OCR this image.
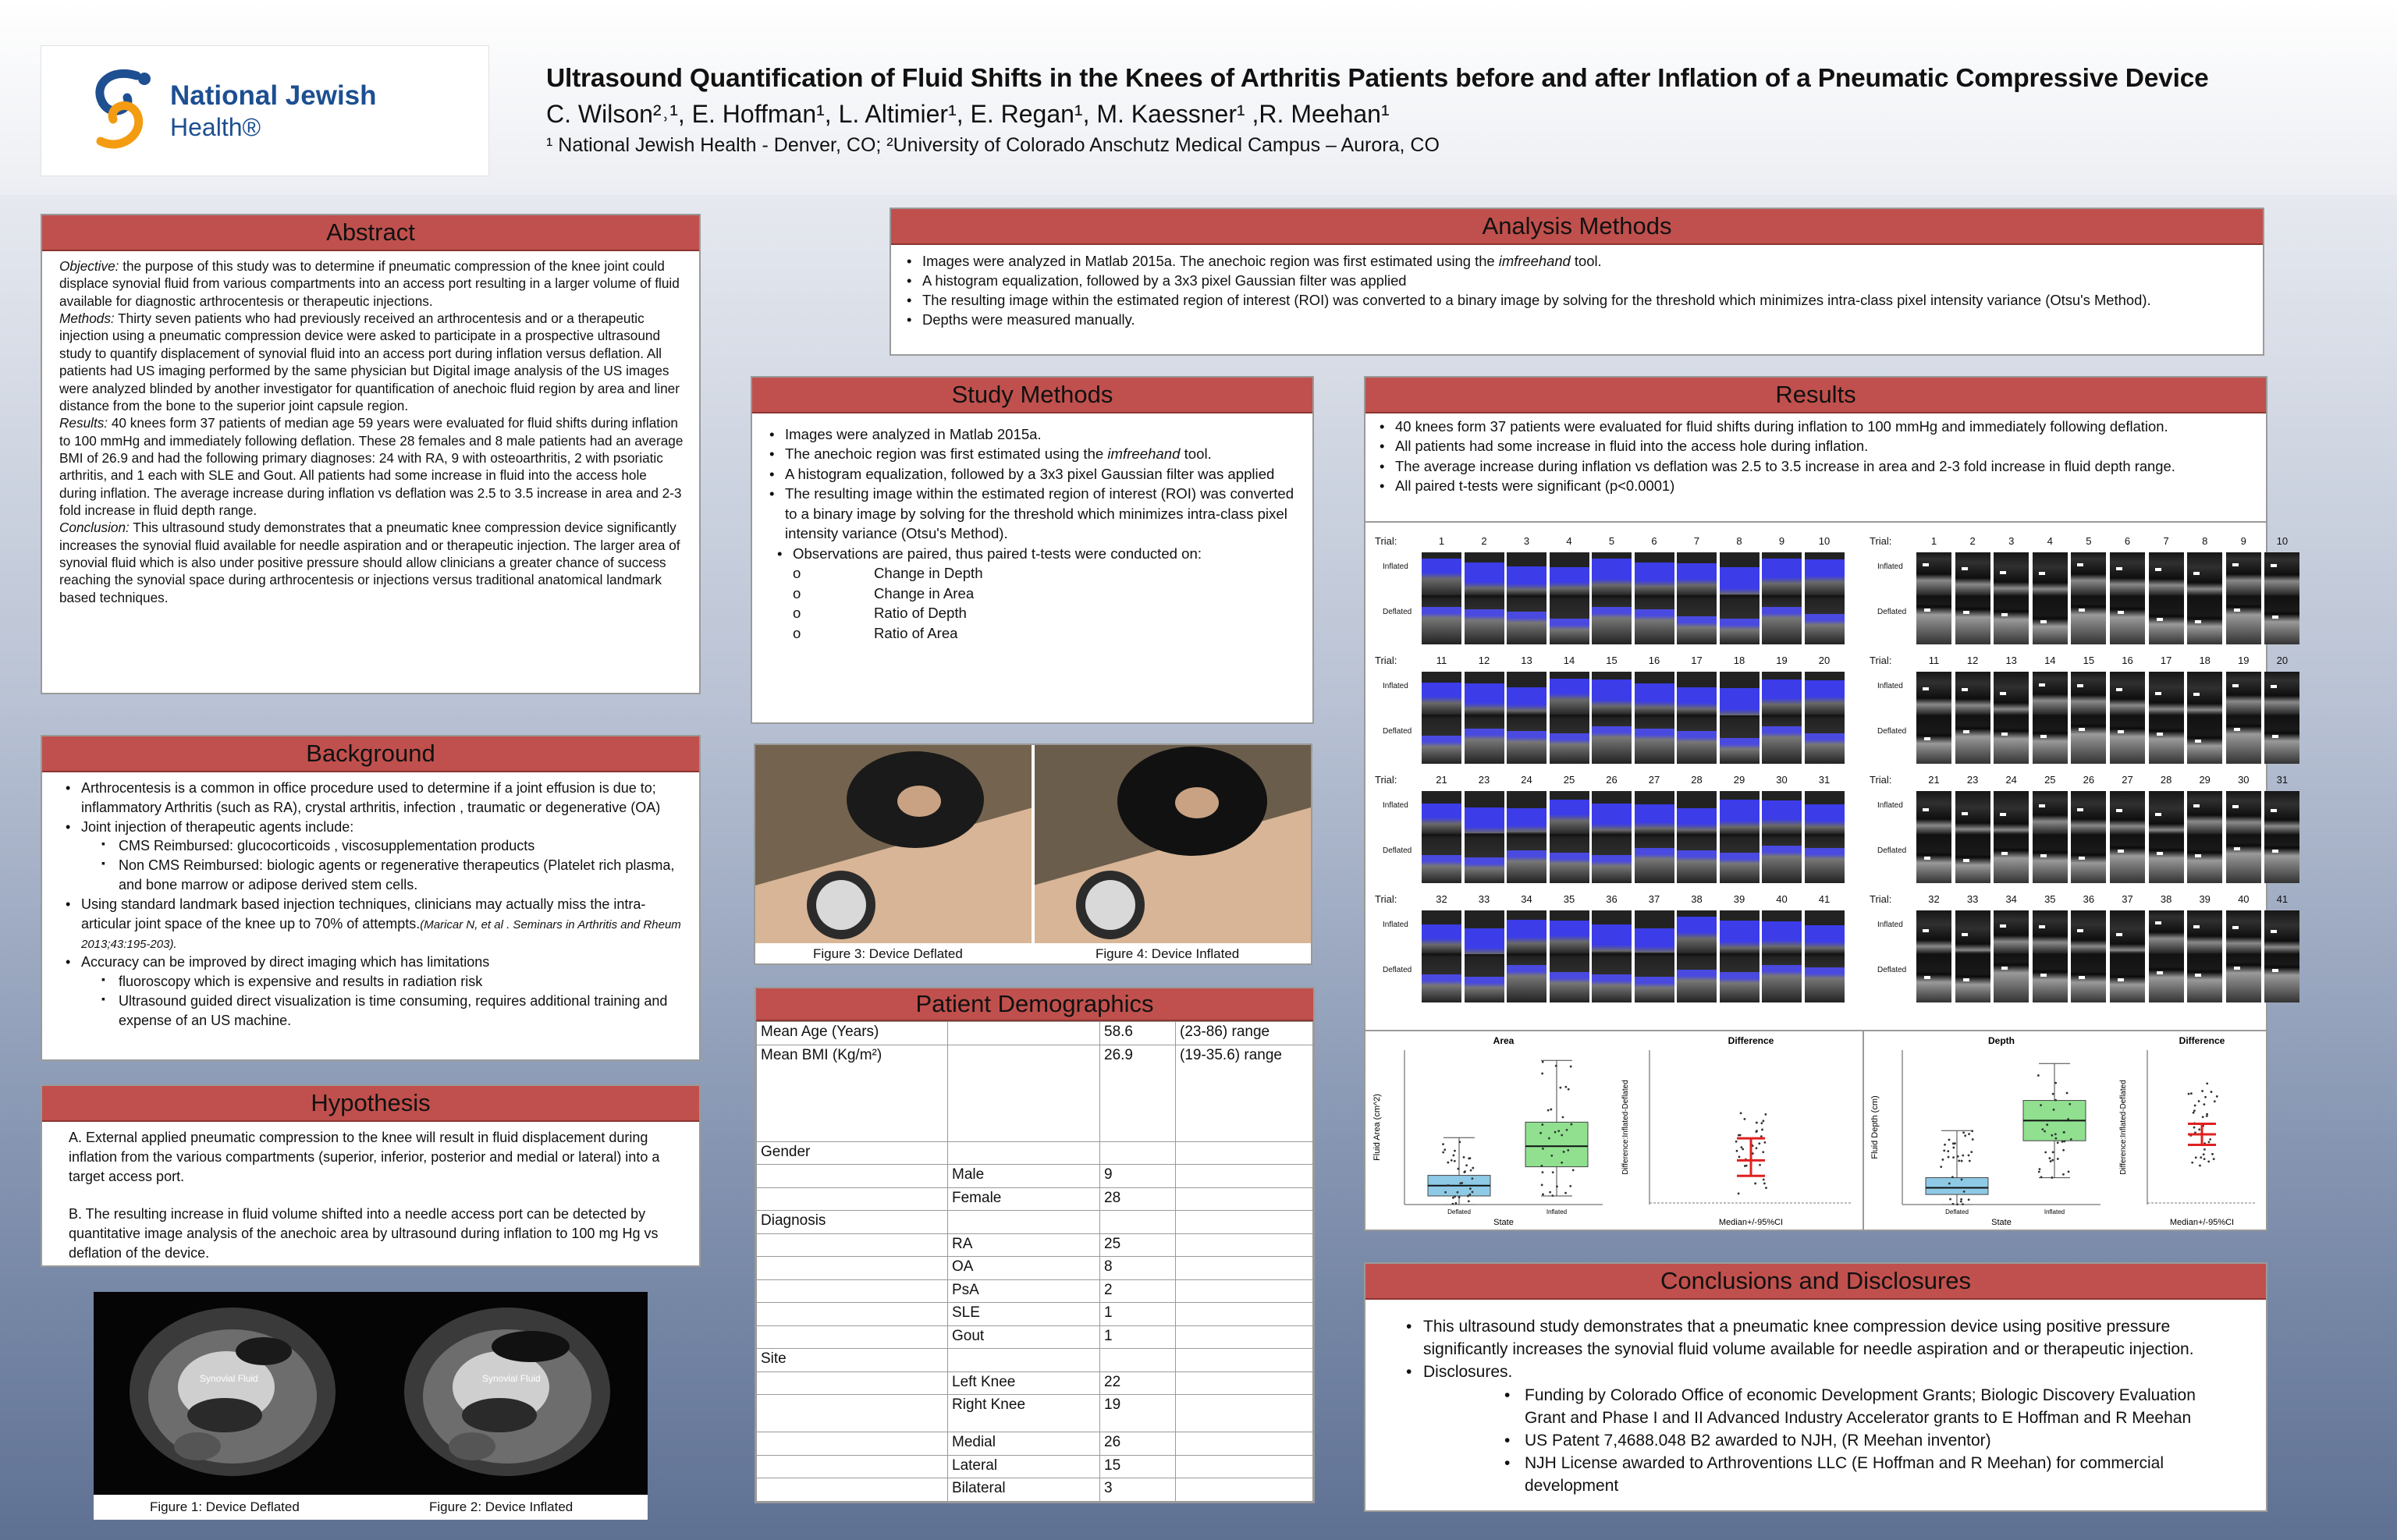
National Jewish
Health®
Ultrasound Quantification of Fluid Shifts in the Knees of Arthritis Patients before and after Inflation of a Pneumatic Compressive Device
C. Wilson²˒¹, E. Hoffman¹, L. Altimier¹, E. Regan¹, M. Kaessner¹ ,R. Meehan¹
¹ National Jewish Health - Denver, CO; ²University of Colorado Anschutz Medical Campus – Aurora, CO
Abstract

Objective: the purpose of this study was to determine if pneumatic compression of the knee joint could displace synovial fluid from various compartments into an access port resulting in a larger volume of fluid available for diagnostic arthrocentesis or therapeutic injections.

Methods: Thirty seven patients who had previously received an arthrocentesis and or a therapeutic injection using a pneumatic compression device were asked to participate in a prospective ultrasound study to quantify displacement of synovial fluid into an access port during inflation versus deflation. All patients had US imaging performed by the same physician but Digital image analysis of the US images were analyzed blinded by another investigator for quantification of anechoic fluid region by area and liner distance from the bone to the superior joint capsule region.

Results: 40 knees form 37 patients of median age 59 years were evaluated for fluid shifts during inflation to 100 mmHg and immediately following deflation. These 28 females and 8 male patients had an average BMI of 26.9 and had the following primary diagnoses: 24 with RA, 9 with osteoarthritis, 2 with psoriatic arthritis, and 1 each with SLE and Gout. All patients had some increase in fluid into the access hole during inflation. The average increase during inflation vs deflation was 2.5 to 3.5 increase in area and 2-3 fold increase in fluid depth range.

Conclusion: This ultrasound study demonstrates that a pneumatic knee compression device significantly increases the synovial fluid available for needle aspiration and or therapeutic injection. The larger area of synovial fluid which is also under positive pressure should allow clinicians a greater chance of success reaching the synovial space during arthrocentesis or injections versus traditional anatomical landmark based techniques.

Background
• Arthrocentesis is a common in office procedure used to determine if a joint effusion is due to; inflammatory Arthritis (such as RA), crystal arthritis, infection , traumatic or degenerative (OA)
• Joint injection of therapeutic agents include:
▪ CMS Reimbursed: glucocorticoids , viscosupplementation products
▪ Non CMS Reimbursed: biologic agents or regenerative therapeutics (Platelet rich plasma, and bone marrow or adipose derived stem cells.
• Using standard landmark based injection techniques, clinicians may actually miss the intra-articular joint space of the knee up to 70% of attempts.(Maricar N, et al . Seminars in Arthritis and Rheum 2013;43:195-203).
• Accuracy can be improved by direct imaging which has limitations
▪ fluoroscopy which is expensive and results in radiation risk
▪ Ultrasound guided direct visualization is time consuming, requires additional training and expense of an US machine.
Hypothesis

A. External applied pneumatic compression to the knee will result in fluid displacement during inflation from the various compartments (superior, inferior, posterior and medial or lateral) into a target access port.

B. The resulting increase in fluid volume shifted into a needle access port can be detected by quantitative image analysis of the anechoic area by ultrasound during inflation to 100 mg Hg vs deflation of the device.

Synovial Fluid	Synovial Fluid
Figure 1: Device Deflated	Figure 2: Device Inflated
Analysis Methods
• Images were analyzed in Matlab 2015a. The anechoic region was first estimated using the imfreehand tool.
• A histogram equalization, followed by a 3x3 pixel Gaussian filter was applied
• The resulting image within the estimated region of interest (ROI) was converted to a binary image by solving for the threshold which minimizes intra-class pixel intensity variance (Otsu's Method).
• Depths were measured manually.
Study Methods
• Images were analyzed in Matlab 2015a.
• The anechoic region was first estimated using the imfreehand tool.
• A histogram equalization, followed by a 3x3 pixel Gaussian filter was applied
• The resulting image within the estimated region of interest (ROI) was converted to a binary image by solving for the threshold which minimizes intra-class pixel intensity variance (Otsu's Method).
• Observations are paired, thus paired t-tests were conducted on:
o	Change in Depth
o	Change in Area
o	Ratio of Depth
o	Ratio of Area
Figure 3: Device Deflated	Figure 4: Device Inflated
Patient Demographics
Mean Age (Years)		58.6	(23-86) range
Mean BMI (Kg/m²)		26.9	(19-35.6) range
Gender			
	Male	9	
	Female	28	
Diagnosis			
	RA	25	
	OA	8	
	PsA	2	
	SLE	1	
	Gout	1	
Site			
	Left Knee	22	
	Right Knee	19	
	Medial	26	
	Lateral	15	
	Bilateral	3	
Results
• 40 knees form 37 patients were evaluated for fluid shifts during inflation to 100 mmHg and immediately following deflation.
• All patients had some increase in fluid into the access hole during inflation.
• The average increase during inflation vs deflation was 2.5 to 3.5 increase in area and 2-3 fold increase in fluid depth range.
• All paired t-tests were significant (p<0.0001)
Trial:
Inflated
Deflated
1	2	3	4	5	6	7	8	9	10
Trial:
Inflated
Deflated
11	12	13	14	15	16	17	18	19	20
Trial:
Inflated
Deflated
21	23	24	25	26	27	28	29	30	31
Trial:
Inflated
Deflated
32	33	34	35	36	37	38	39	40	41
Trial:
Inflated
Deflated
1	2	3	4	5	6	7	8	9	10
Trial:
Inflated
Deflated
11	12	13	14	15	16	17	18	19	20
Trial:
Inflated
Deflated
21	23	24	25	26	27	28	29	30	31
Trial:
Inflated
Deflated
32	33	34	35	36	37	38	39	40	41
Area
Fluid Area (cm^2)
State
Deflated	Inflated
Difference
Difference:Inflated-Deflated
Median+/-95%CI
Depth
Fluid Depth (cm)
State
Deflated	Inflated
Difference
Difference:Inflated-Deflated
Median+/-95%CI
Conclusions and Disclosures
• This ultrasound study demonstrates that a pneumatic knee compression device using positive pressure significantly increases the synovial fluid volume available for needle aspiration and or therapeutic injection.
• Disclosures.
• Funding by Colorado Office of economic Development Grants; Biologic Discovery Evaluation Grant and Phase I and II Advanced Industry Accelerator grants to E Hoffman and R Meehan
• US Patent 7,4688.048 B2 awarded to NJH, (R Meehan inventor)
• NJH License awarded to Arthroventions LLC (E Hoffman and R Meehan) for commercial development
